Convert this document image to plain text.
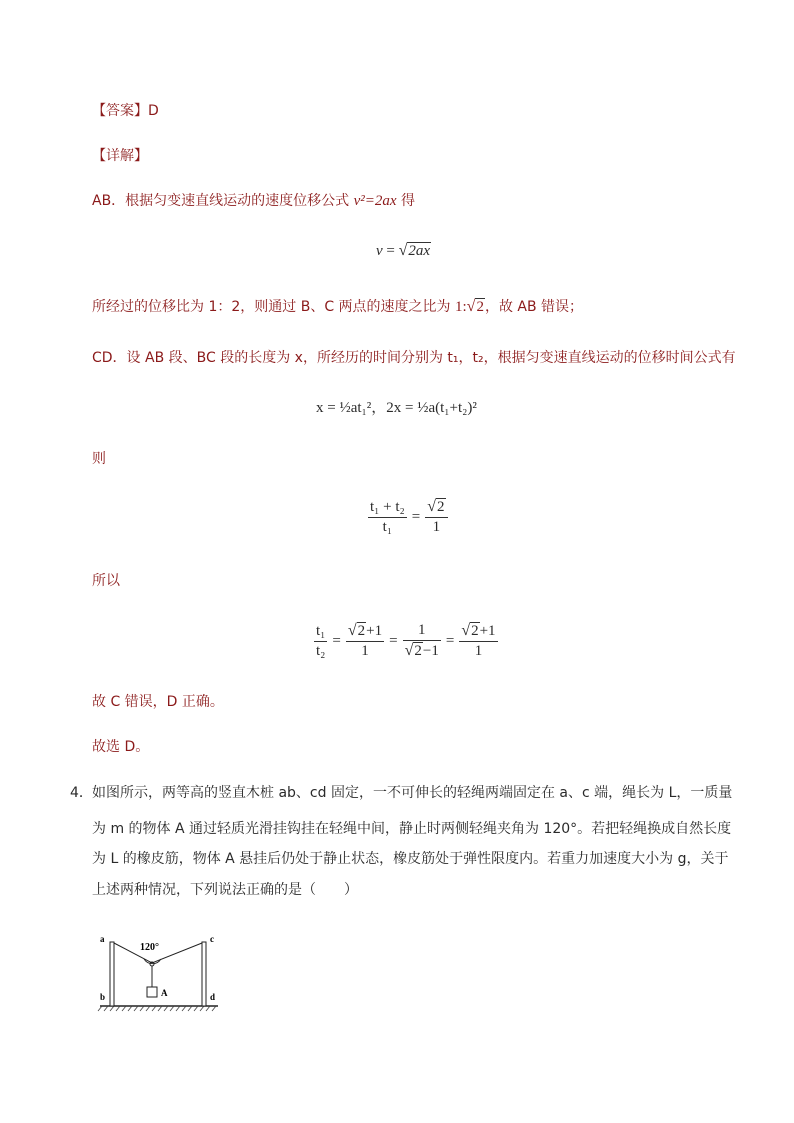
【答案】D
【详解】
AB．根据匀变速直线运动的速度位移公式 v²=2ax 得
v = √2ax
所经过的位移比为 1：2，则通过 B、C 两点的速度之比为 1:√2，故 AB 错误；
CD．设 AB 段、BC 段的长度为 x，所经历的时间分别为 t₁，t₂，根据匀变速直线运动的位移时间公式有
x = ½at₁²，2x = ½a(t₁+t₂)²
则
$\frac{\text{t₁ + t₂}}{\text{t₁}} = \frac{√2}{1}$
所以
$\frac{\text{t₁}}{\text{t₂}} = \frac{√2+1}{1} = \frac{1}{√2-1} = \frac{√2+1}{1}$
故 C 错误，D 正确。
故选 D。
4． 如图所示，两等高的竖直木桩 ab、cd 固定，一不可伸长的轻绳两端固定在 a、c 端，绳长为 L，一质量
为 m 的物体 A 通过轻质光滑挂钩挂在轻绳中间，静止时两侧轻绳夹角为 120°。若把轻绳换成自然长度
为 L 的橡皮筋，物体 A 悬挂后仍处于静止状态，橡皮筋处于弹性限度内。若重力加速度大小为 g，关于
上述两种情况，下列说法正确的是（　　）
120°
a
b
c
d
A
